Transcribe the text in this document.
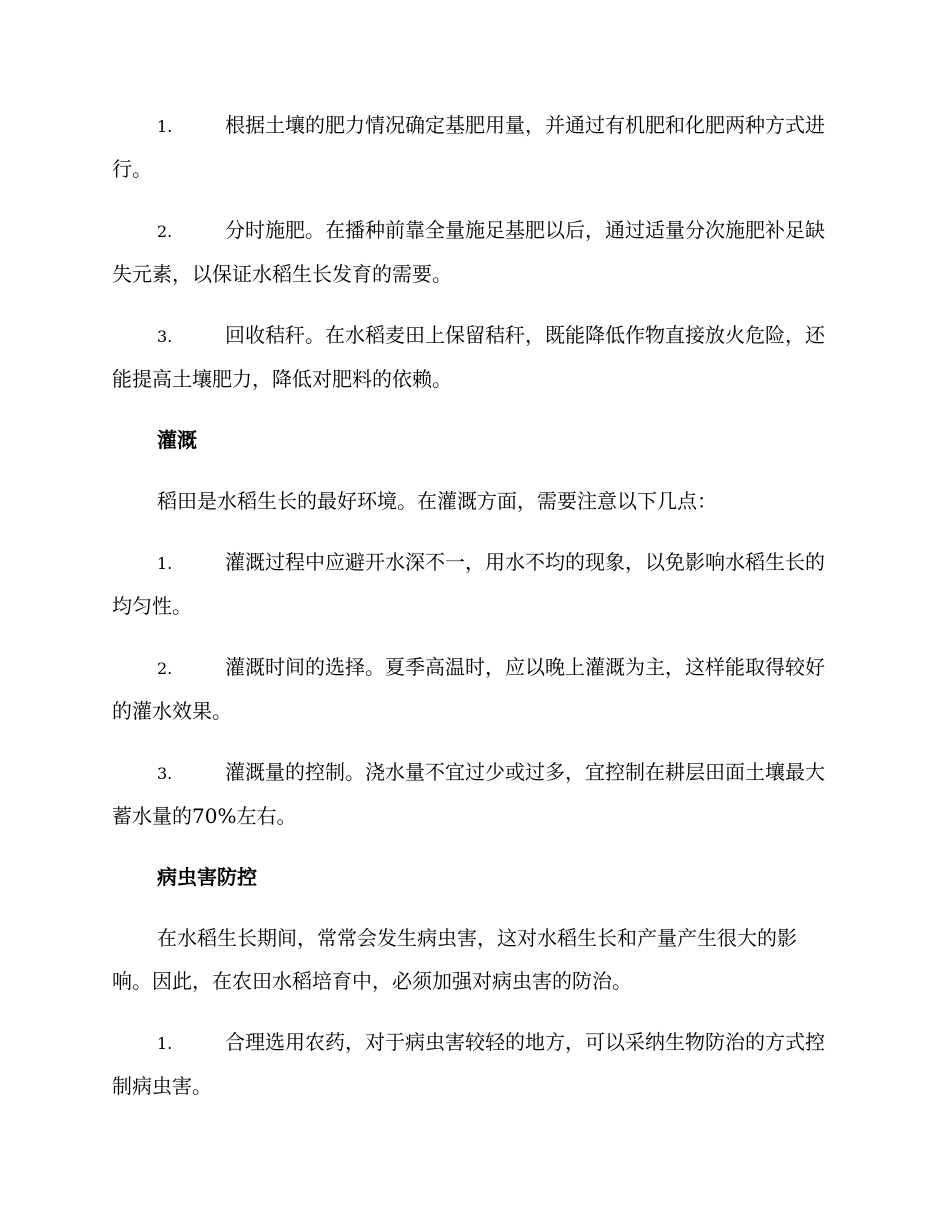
1.	根据土壤的肥力情况确定基肥用量，并通过有机肥和化肥两种方式进行。

2.	分时施肥。在播种前靠全量施足基肥以后，通过适量分次施肥补足缺失元素，以保证水稻生长发育的需要。

3.	回收秸秆。在水稻麦田上保留秸秆，既能降低作物直接放火危险，还能提高土壤肥力，降低对肥料的依赖。

灌溉

稻田是水稻生长的最好环境。在灌溉方面，需要注意以下几点：

1.	灌溉过程中应避开水深不一，用水不均的现象，以免影响水稻生长的均匀性。

2.	灌溉时间的选择。夏季高温时，应以晚上灌溉为主，这样能取得较好的灌水效果。

3.	灌溉量的控制。浇水量不宜过少或过多，宜控制在耕层田面土壤最大蓄水量的70%左右。

病虫害防控

在水稻生长期间，常常会发生病虫害，这对水稻生长和产量产生很大的影响。因此，在农田水稻培育中，必须加强对病虫害的防治。

1.	合理选用农药，对于病虫害较轻的地方，可以采纳生物防治的方式控制病虫害。
